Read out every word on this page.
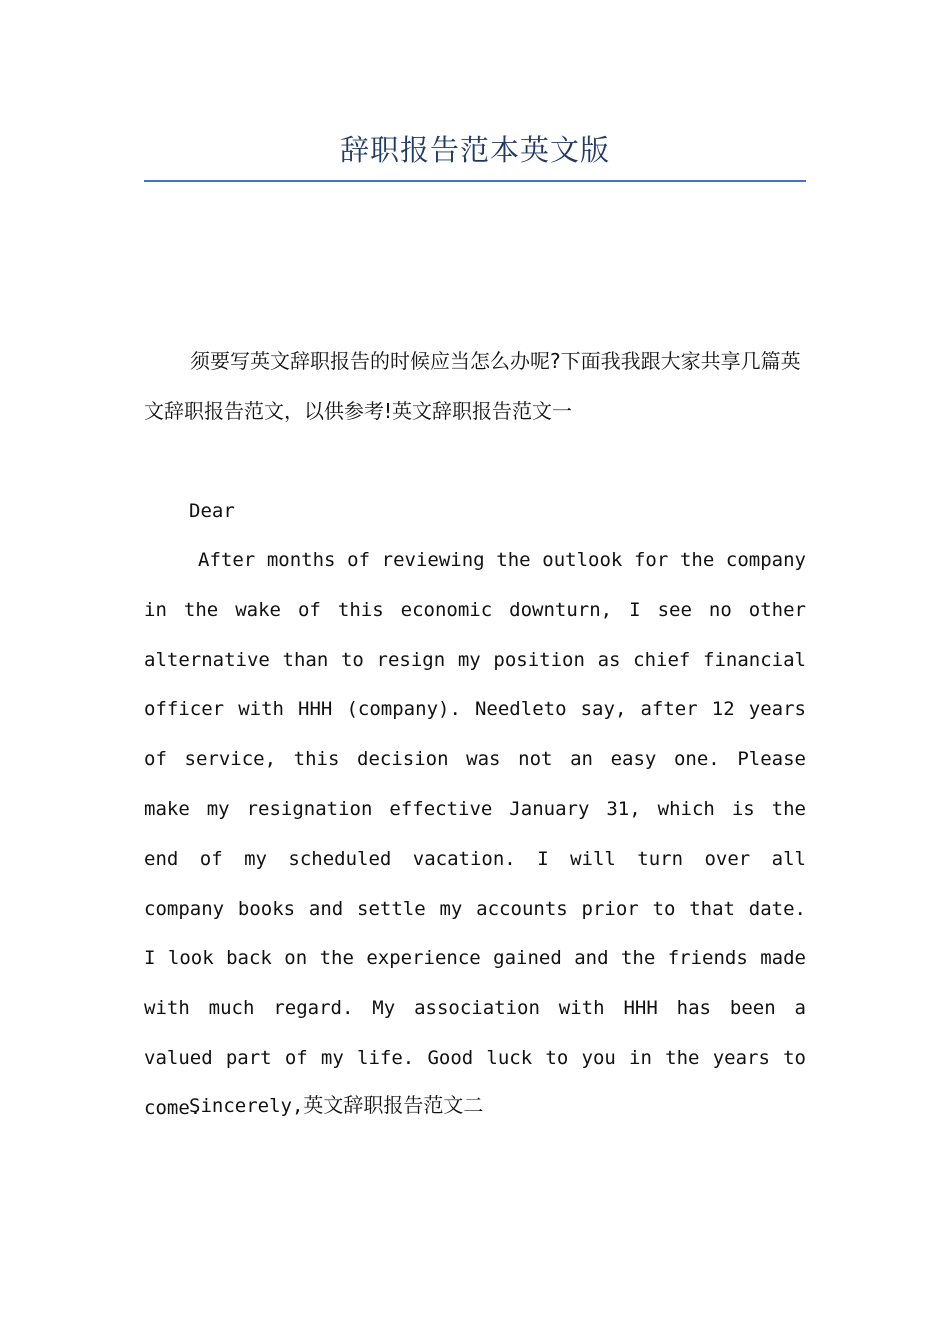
辞职报告范本英文版
须要写英文辞职报告的时候应当怎么办呢?下面我我跟大家共享几篇英文辞职报告范文，以供参考!英文辞职报告范文一
Dear
After months of reviewing the outlook for the company in the wake of this economic downturn, I see no other alternative than to resign my position as chief financial officer with HHH (company). Needleto say, after 12 years of service, this decision was not an easy one. Please make my resignation effective January 31, which is the end of my scheduled vacation. I will turn over all company books and settle my accounts prior to that date. I look back on the experience gained and the friends made with much regard. My association with HHH has been a valued part of my life. Good luck to you in the years to come.
Sincerely,英文辞职报告范文二
